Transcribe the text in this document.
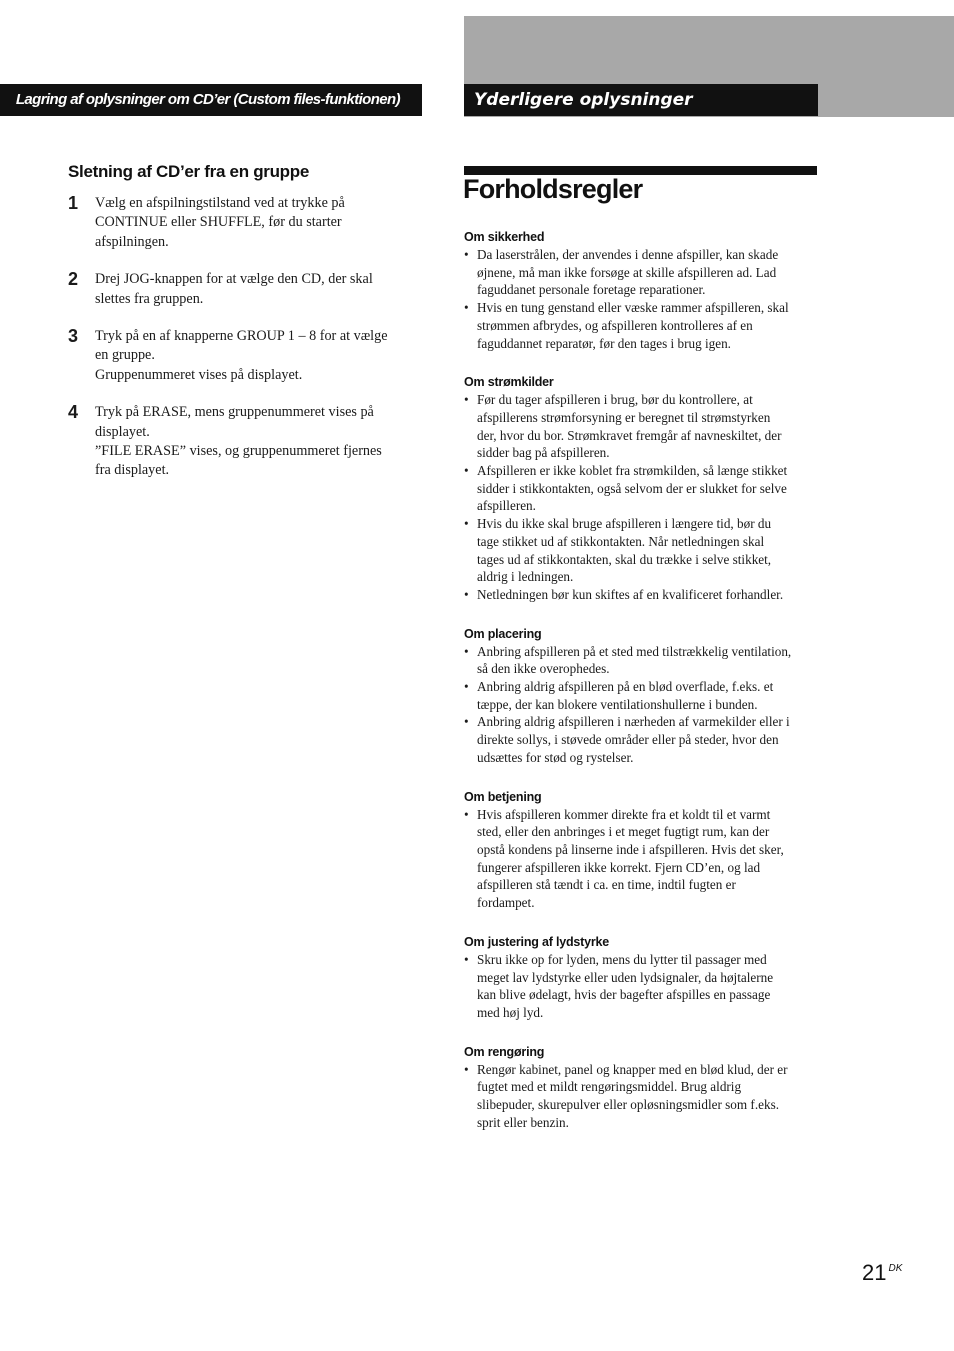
Lagring af oplysninger om CD’er (Custom files-funktionen)	Yderligere oplysninger
Sletning af CD’er fra en gruppe
1	Vælg en afspilningstilstand ved at trykke på
CONTINUE eller SHUFFLE, før du starter
afspilningen.
2	Drej JOG-knappen for at vælge den CD, der skal
slettes fra gruppen.
3	Tryk på en af knapperne GROUP 1 – 8 for at vælge
en gruppe.
Gruppenummeret vises på displayet.
4	Tryk på ERASE, mens gruppenummeret vises på
displayet.
”FILE ERASE” vises, og gruppenummeret fjernes
fra displayet.
Forholdsregler
Om sikkerhed
• Da laserstrålen, der anvendes i denne afspiller, kan skade
øjnene, må man ikke forsøge at skille afspilleren ad. Lad
faguddanet personale foretage reparationer.
• Hvis en tung genstand eller væske rammer afspilleren, skal
strømmen afbrydes, og afspilleren kontrolleres af en
faguddannet reparatør, før den tages i brug igen.
Om strømkilder
• Før du tager afspilleren i brug, bør du kontrollere, at
afspillerens strømforsyning er beregnet til strømstyrken
der, hvor du bor. Strømkravet fremgår af navneskiltet, der
sidder bag på afspilleren.
• Afspilleren er ikke koblet fra strømkilden, så længe stikket
sidder i stikkontakten, også selvom der er slukket for selve
afspilleren.
• Hvis du ikke skal bruge afspilleren i længere tid, bør du
tage stikket ud af stikkontakten. Når netledningen skal
tages ud af stikkontakten, skal du trække i selve stikket,
aldrig i ledningen.
• Netledningen bør kun skiftes af en kvalificeret forhandler.
Om placering
• Anbring afspilleren på et sted med tilstrækkelig ventilation,
så den ikke overophedes.
• Anbring aldrig afspilleren på en blød overflade, f.eks. et
tæppe, der kan blokere ventilationshullerne i bunden.
• Anbring aldrig afspilleren i nærheden af varmekilder eller i
direkte sollys, i støvede områder eller på steder, hvor den
udsættes for stød og rystelser.
Om betjening
• Hvis afspilleren kommer direkte fra et koldt til et varmt
sted, eller den anbringes i et meget fugtigt rum, kan der
opstå kondens på linserne inde i afspilleren. Hvis det sker,
fungerer afspilleren ikke korrekt. Fjern CD’en, og lad
afspilleren stå tændt i ca. en time, indtil fugten er
fordampet.
Om justering af lydstyrke
• Skru ikke op for lyden, mens du lytter til passager med
meget lav lydstyrke eller uden lydsignaler, da højtalerne
kan blive ødelagt, hvis der bagefter afspilles en passage
med høj lyd.
Om rengøring
• Rengør kabinet, panel og knapper med en blød klud, der er
fugtet med et mildt rengøringsmiddel. Brug aldrig
slibepuder, skurepulver eller opløsningsmidler som f.eks.
sprit eller benzin.
21 $^{DK}$
